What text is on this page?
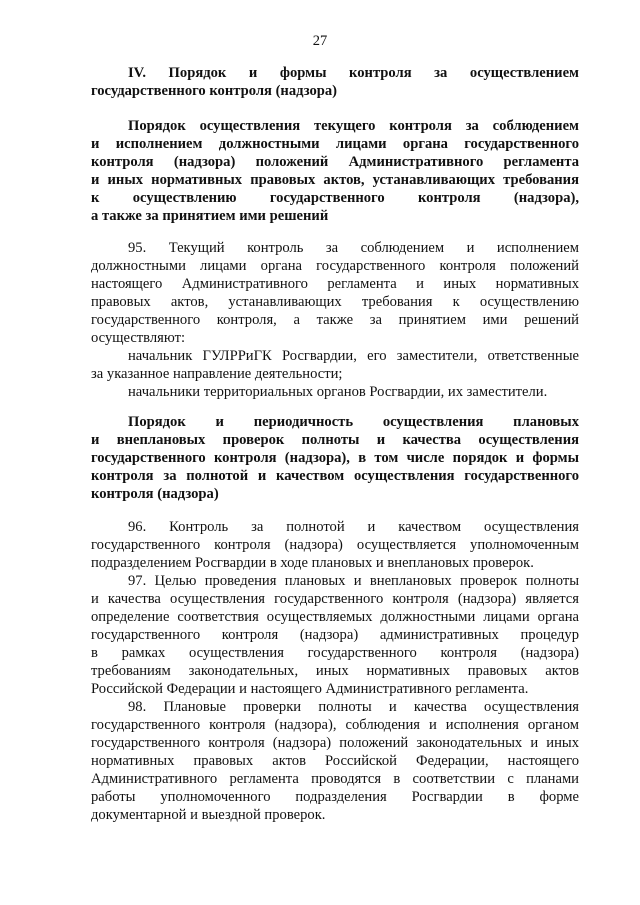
27
IV. Порядок и формы контроля за осуществлением
государственного контроля (надзора)
Порядок осуществления текущего контроля за соблюдением
и исполнением должностными лицами органа государственного
контроля (надзора) положений Административного регламента
и иных нормативных правовых актов, устанавливающих требования
к осуществлению государственного контроля (надзора),
а также за принятием ими решений
95. Текущий контроль за соблюдением и исполнением
должностными лицами органа государственного контроля положений
настоящего Административного регламента и иных нормативных
правовых актов, устанавливающих требования к осуществлению
государственного контроля, а также за принятием ими решений
осуществляют:
начальник ГУЛРРиГК Росгвардии, его заместители, ответственные
за указанное направление деятельности;
начальники территориальных органов Росгвардии, их заместители.
Порядок и периодичность осуществления плановых
и внеплановых проверок полноты и качества осуществления
государственного контроля (надзора), в том числе порядок и формы
контроля за полнотой и качеством осуществления государственного
контроля (надзора)
96. Контроль за полнотой и качеством осуществления
государственного контроля (надзора) осуществляется уполномоченным
подразделением Росгвардии в ходе плановых и внеплановых проверок.
97. Целью проведения плановых и внеплановых проверок полноты
и качества осуществления государственного контроля (надзора) является
определение соответствия осуществляемых должностными лицами органа
государственного контроля (надзора) административных процедур
в рамках осуществления государственного контроля (надзора)
требованиям законодательных, иных нормативных правовых актов
Российской Федерации и настоящего Административного регламента.
98. Плановые проверки полноты и качества осуществления
государственного контроля (надзора), соблюдения и исполнения органом
государственного контроля (надзора) положений законодательных и иных
нормативных правовых актов Российской Федерации, настоящего
Административного регламента проводятся в соответствии с планами
работы уполномоченного подразделения Росгвардии в форме
документарной и выездной проверок.
